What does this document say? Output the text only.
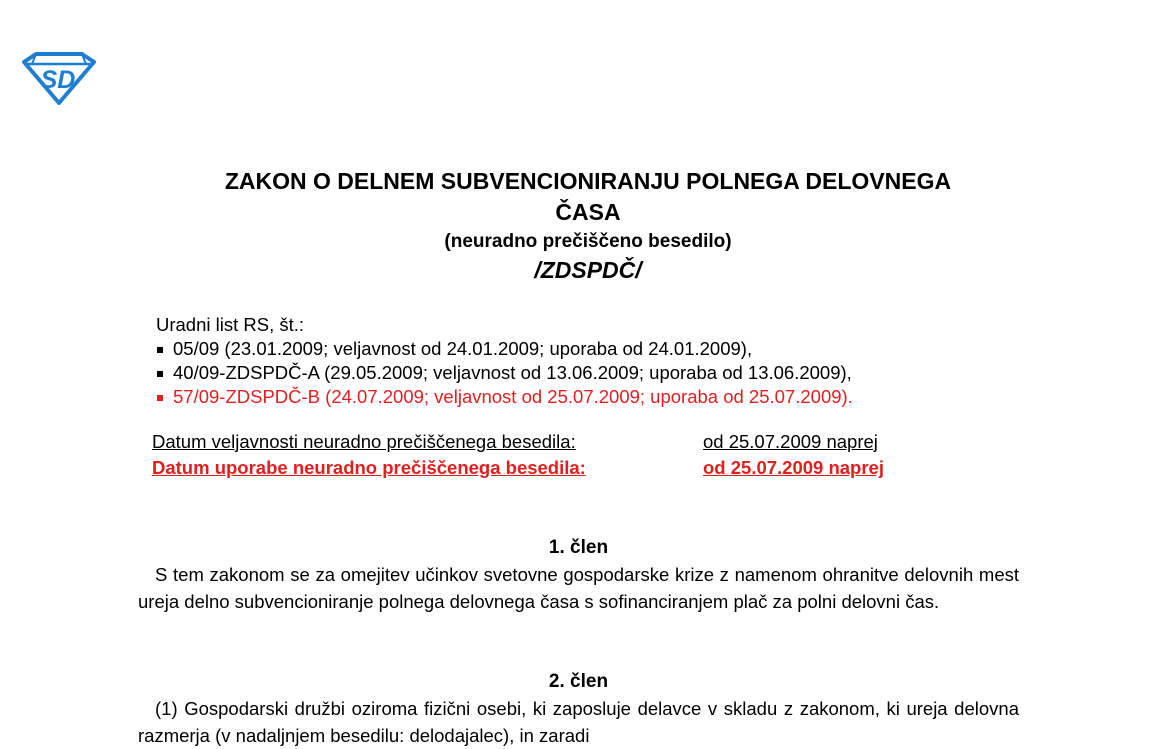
SD
ZAKON O DELNEM SUBVENCIONIRANJU POLNEGA DELOVNEGA
ČASA
(neuradno prečiščeno besedilo)
/ZDSPDČ/
Uradni list RS, št.:
05/09 (23.01.2009; veljavnost od 24.01.2009; uporaba od 24.01.2009),
40/09-ZDSPDČ-A (29.05.2009; veljavnost od 13.06.2009; uporaba od 13.06.2009),
57/09-ZDSPDČ-B (24.07.2009; veljavnost od 25.07.2009; uporaba od 25.07.2009).
Datum veljavnosti neuradno prečiščenega besedila:	od 25.07.2009 naprej
Datum uporabe neuradno prečiščenega besedila:	od 25.07.2009 naprej
1. člen

S tem zakonom se za omejitev učinkov svetovne gospodarske krize z namenom ohranitve delovnih mest ureja delno subvencioniranje polnega delovnega časa s sofinanciranjem plač za polni delovni čas.

2. člen

(1) Gospodarski družbi oziroma fizični osebi, ki zaposluje delavce v skladu z zakonom, ki ureja delovna razmerja (v nadaljnjem besedilu: delodajalec), in zaradi
